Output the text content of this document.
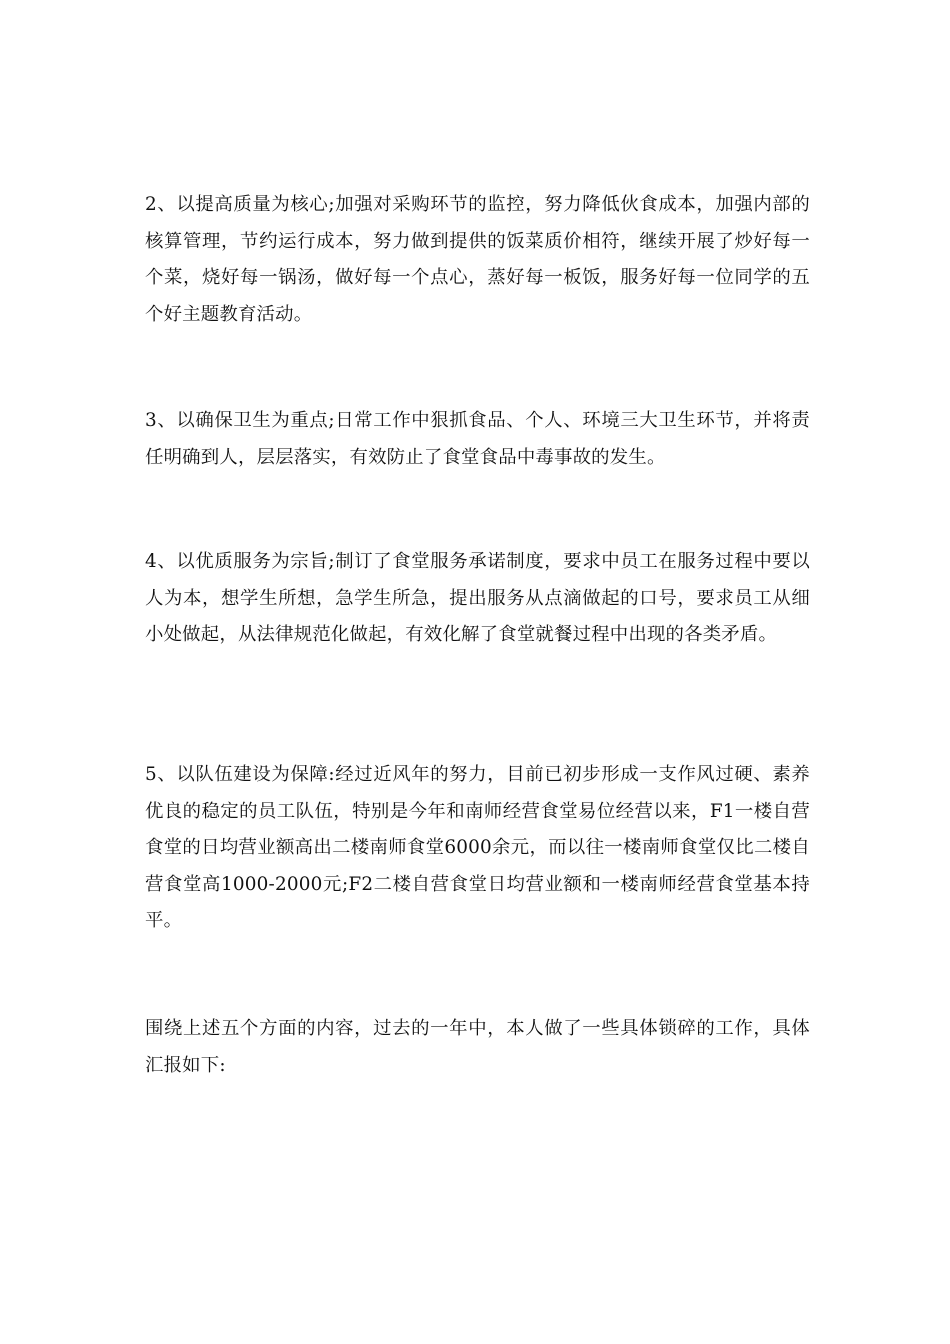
2、以提高质量为核心;加强对采购环节的监控，努力降低伙食成本，加强内部的核算管理，节约运行成本，努力做到提供的饭菜质价相符，继续开展了炒好每一个菜，烧好每一锅汤，做好每一个点心，蒸好每一板饭，服务好每一位同学的五个好主题教育活动。

3、以确保卫生为重点;日常工作中狠抓食品、个人、环境三大卫生环节，并将责任明确到人，层层落实，有效防止了食堂食品中毒事故的发生。

4、以优质服务为宗旨;制订了食堂服务承诺制度，要求中员工在服务过程中要以人为本，想学生所想，急学生所急，提出服务从点滴做起的口号，要求员工从细小处做起，从法律规范化做起，有效化解了食堂就餐过程中出现的各类矛盾。

5、以队伍建设为保障:经过近风年的努力，目前已初步形成一支作风过硬、素养优良的稳定的员工队伍，特别是今年和南师经营食堂易位经营以来，F1一楼自营食堂的日均营业额高出二楼南师食堂6000余元，而以往一楼南师食堂仅比二楼自营食堂高1000-2000元;F2二楼自营食堂日均营业额和一楼南师经营食堂基本持平。

围绕上述五个方面的内容，过去的一年中，本人做了一些具体锁碎的工作，具体汇报如下:
